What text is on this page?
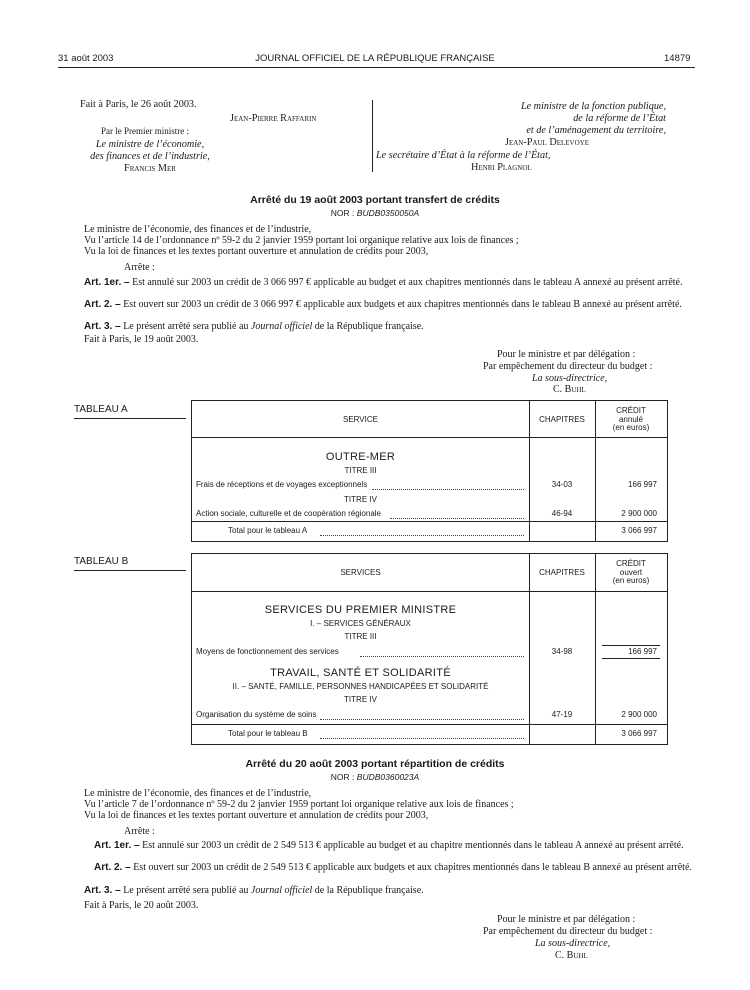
31 août 2003	JOURNAL OFFICIEL DE LA RÉPUBLIQUE FRANÇAISE	14879
Fait à Paris, le 26 août 2003.
Jean-Pierre Raffarin
Par le Premier ministre :
Le ministre de l’économie,
des finances et de l’industrie,
Francis Mer
Le ministre de la fonction publique,
de la réforme de l’État
et de l’aménagement du territoire,
Jean-Paul Delevoye
Le secrétaire d’État à la réforme de l’État,
Henri Plagnol
Arrêté du 19 août 2003 portant transfert de crédits
NOR : BUDB0350050A
Le ministre de l’économie, des finances et de l’industrie,
Vu l’article 14 de l’ordonnance nº 59-2 du 2 janvier 1959 portant loi organique relative aux lois de finances ;
Vu la loi de finances et les textes portant ouverture et annulation de crédits pour 2003,
Arrête :
Art. 1er. – Est annulé sur 2003 un crédit de 3 066 997 € applicable au budget et aux chapitres mentionnés dans le tableau A annexé au présent arrêté.
Art. 2. – Est ouvert sur 2003 un crédit de 3 066 997 € applicable aux budgets et aux chapitres mentionnés dans le tableau B annexé au présent arrêté.
Art. 3. – Le présent arrêté sera publié au Journal officiel de la République française.
Fait à Paris, le 19 août 2003.
Pour le ministre et par délégation :
Par empêchement du directeur du budget :
La sous-directrice,
C. Buhl
TABLEAU A
SERVICE	CHAPITRES
CRÉDIT
annulé
(en euros)
OUTRE-MER
TITRE III
Frais de réceptions et de voyages exceptionnels	34-03	166 997
TITRE IV
Action sociale, culturelle et de coopération régionale	46-94	2 900 000
Total pour le tableau A	3 066 997
TABLEAU B
SERVICES	CHAPITRES
CRÉDIT
ouvert
(en euros)
SERVICES DU PREMIER MINISTRE
I. – SERVICES GÉNÉRAUX
TITRE III
Moyens de fonctionnement des services	34-98	166 997
TRAVAIL, SANTÉ ET SOLIDARITÉ
II. – SANTÉ, FAMILLE, PERSONNES HANDICAPÉES ET SOLIDARITÉ
TITRE IV
Organisation du système de soins	47-19	2 900 000
Total pour le tableau B	3 066 997
Arrêté du 20 août 2003 portant répartition de crédits
NOR : BUDB0360023A
Le ministre de l’économie, des finances et de l’industrie,
Vu l’article 7 de l’ordonnance nº 59-2 du 2 janvier 1959 portant loi organique relative aux lois de finances ;
Vu la loi de finances et les textes portant ouverture et annulation de crédits pour 2003,
Arrête :
Art. 1er. – Est annulé sur 2003 un crédit de 2 549 513 € applicable au budget et au chapitre mentionnés dans le tableau A annexé au présent arrêté.
Art. 2. – Est ouvert sur 2003 un crédit de 2 549 513 € applicable aux budgets et aux chapitres mentionnés dans le tableau B annexé au présent arrêté.
Art. 3. – Le présent arrêté sera publié au Journal officiel de la République française.
Fait à Paris, le 20 août 2003.
Pour le ministre et par délégation :
Par empêchement du directeur du budget :
La sous-directrice,
C. Buhl
